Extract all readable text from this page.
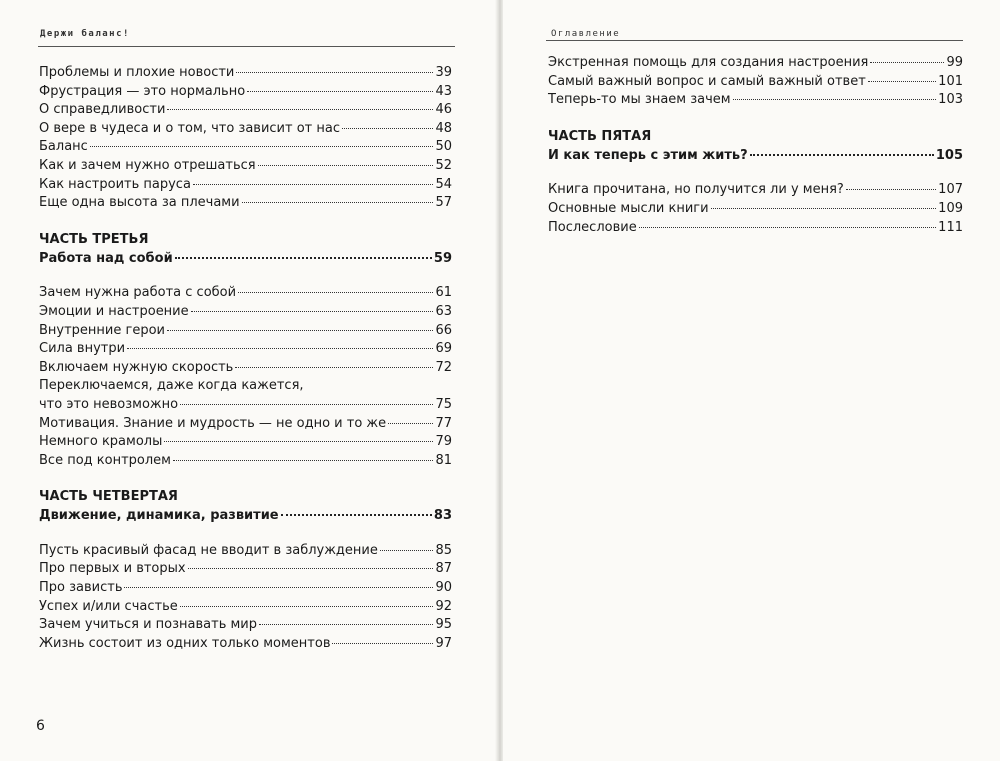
Держи баланс!
Проблемы и плохие новости	39
Фрустрация — это нормально	43
О справедливости	46
О вере в чудеса и о том, что зависит от нас	48
Баланс	50
Как и зачем нужно отрешаться	52
Как настроить паруса	54
Еще одна высота за плечами	57
ЧАСТЬ ТРЕТЬЯ
Работа над собой	59
Зачем нужна работа с собой	61
Эмоции и настроение	63
Внутренние герои	66
Сила внутри	69
Включаем нужную скорость	72
Переключаемся, даже когда кажется,
что это невозможно	75
Мотивация. Знание и мудрость — не одно и то же	77
Немного крамолы	79
Все под контролем	81
ЧАСТЬ ЧЕТВЕРТАЯ
Движение, динамика, развитие	83
Пусть красивый фасад не вводит в заблуждение	85
Про первых и вторых	87
Про зависть	90
Успех и/или счастье	92
Зачем учиться и познавать мир	95
Жизнь состоит из одних только моментов	97
6
Оглавление
Экстренная помощь для создания настроения	99
Самый важный вопрос и самый важный ответ	101
Теперь-то мы знаем зачем	103
ЧАСТЬ ПЯТАЯ
И как теперь с этим жить?	105
Книга прочитана, но получится ли у меня?	107
Основные мысли книги	109
Послесловие	111
